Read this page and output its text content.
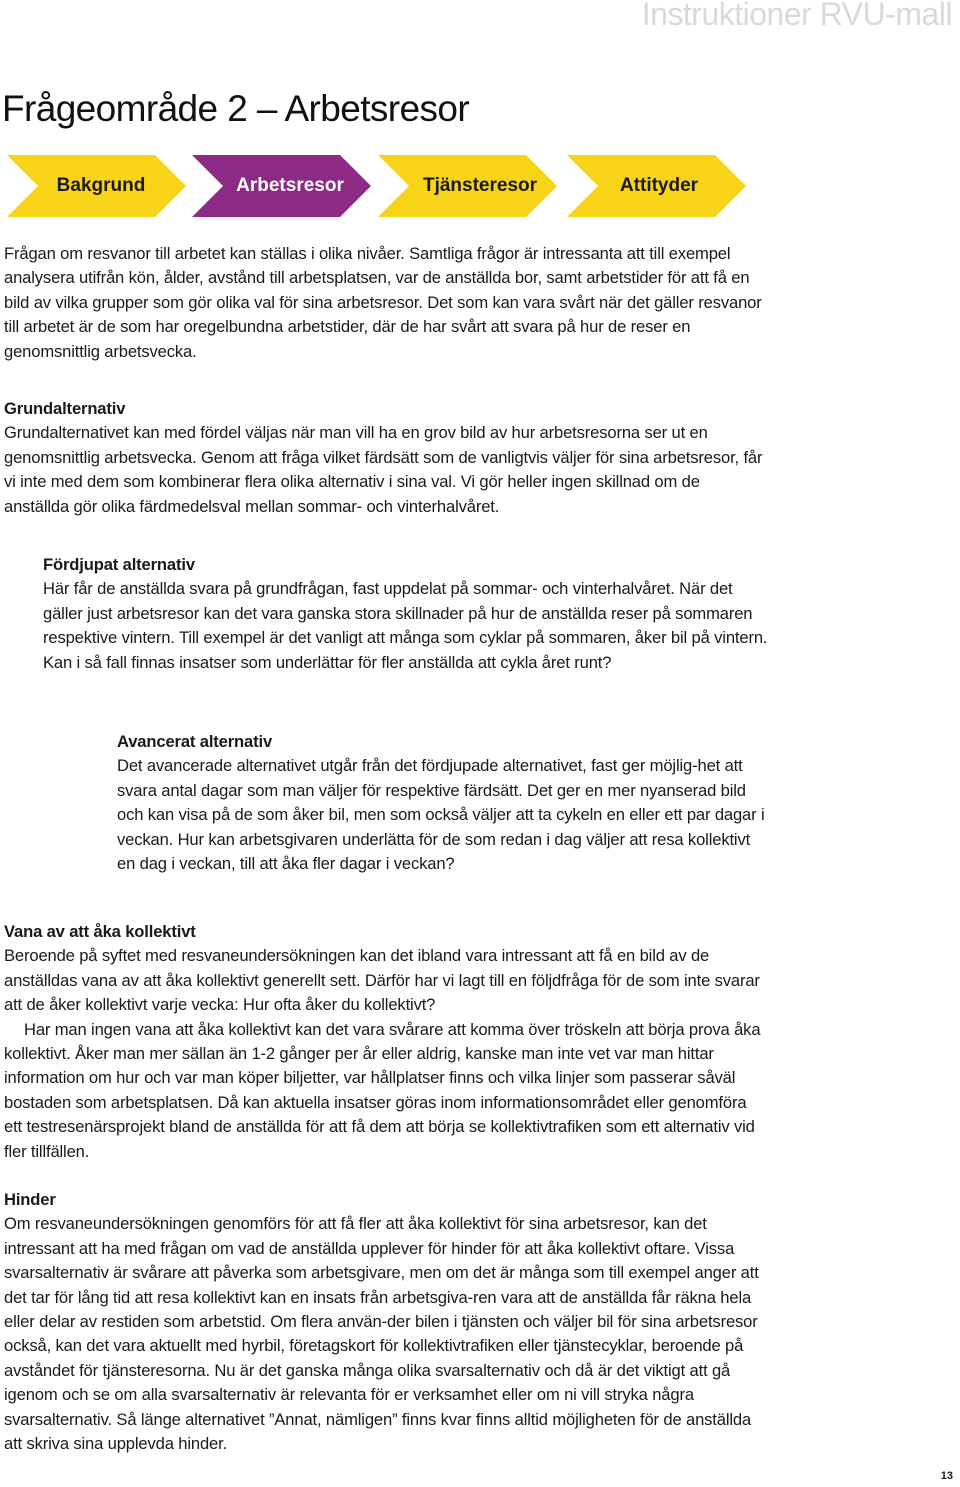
Instruktioner RVU-mall
Frågeområde 2 – Arbetsresor
Bakgrund	Arbetsresor	Tjänsteresor	Attityder

Frågan om resvanor till arbetet kan ställas i olika nivåer. Samtliga frågor är intressanta att till exempel analysera utifrån kön, ålder, avstånd till arbetsplatsen, var de anställda bor, samt arbetstider för att få en bild av vilka grupper som gör olika val för sina arbetsresor. Det som kan vara svårt när det gäller resvanor till arbetet är de som har oregelbundna arbetstider, där de har svårt att svara på hur de reser en genomsnittlig arbetsvecka.

Grundalternativ

Grundalternativet kan med fördel väljas när man vill ha en grov bild av hur arbetsresorna ser ut en genomsnittlig arbetsvecka. Genom att fråga vilket färdsätt som de vanligtvis väljer för sina arbetsresor, får vi inte med dem som kombinerar flera olika alternativ i sina val. Vi gör heller ingen skillnad om de anställda gör olika färdmedelsval mellan sommar- och vinterhalvåret.

Fördjupat alternativ

Här får de anställda svara på grundfrågan, fast uppdelat på sommar- och vinterhalvåret. När det gäller just arbetsresor kan det vara ganska stora skillnader på hur de anställda reser på sommaren respektive vintern. Till exempel är det vanligt att många som cyklar på sommaren, åker bil på vintern. Kan i så fall finnas insatser som underlättar för fler anställda att cykla året runt?

Avancerat alternativ

Det avancerade alternativet utgår från det fördjupade alternativet, fast ger möjlig-het att svara antal dagar som man väljer för respektive färdsätt. Det ger en mer nyanserad bild och kan visa på de som åker bil, men som också väljer att ta cykeln en eller ett par dagar i veckan. Hur kan arbetsgivaren underlätta för de som redan i dag väljer att resa kollektivt en dag i veckan, till att åka fler dagar i veckan?

Vana av att åka kollektivt

Beroende på syftet med resvaneundersökningen kan det ibland vara intressant att få en bild av de anställdas vana av att åka kollektivt generellt sett. Därför har vi lagt till en följdfråga för de som inte svarar att de åker kollektivt varje vecka: Hur ofta åker du kollektivt?

Har man ingen vana att åka kollektivt kan det vara svårare att komma över tröskeln att börja prova åka kollektivt. Åker man mer sällan än 1-2 gånger per år eller aldrig, kanske man inte vet var man hittar information om hur och var man köper biljetter, var hållplatser finns och vilka linjer som passerar såväl bostaden som arbetsplatsen. Då kan aktuella insatser göras inom informationsområdet eller genomföra ett testresenärsprojekt bland de anställda för att få dem att börja se kollektivtrafiken som ett alternativ vid fler tillfällen.

Hinder

Om resvaneundersökningen genomförs för att få fler att åka kollektivt för sina arbetsresor, kan det intressant att ha med frågan om vad de anställda upplever för hinder för att åka kollektivt oftare. Vissa svarsalternativ är svårare att påverka som arbetsgivare, men om det är många som till exempel anger att det tar för lång tid att resa kollektivt kan en insats från arbetsgiva-ren vara att de anställda får räkna hela eller delar av restiden som arbetstid. Om flera använ-der bilen i tjänsten och väljer bil för sina arbetsresor också, kan det vara aktuellt med hyrbil, företagskort för kollektivtrafiken eller tjänstecyklar, beroende på avståndet för tjänsteresorna. Nu är det ganska många olika svarsalternativ och då är det viktigt att gå igenom och se om alla svarsalternativ är relevanta för er verksamhet eller om ni vill stryka några svarsalternativ. Så länge alternativet ”Annat, nämligen” finns kvar finns alltid möjligheten för de anställda att skriva sina upplevda hinder.

13
